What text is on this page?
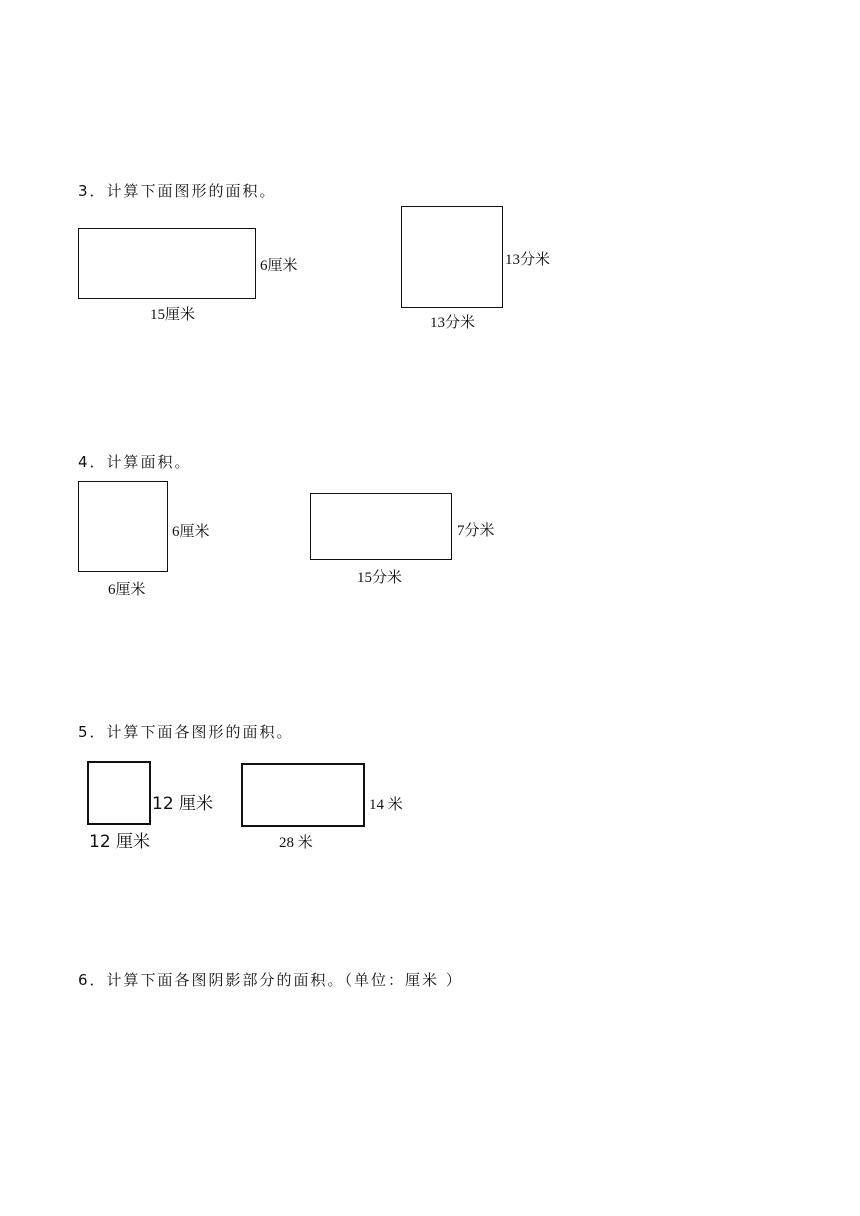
3．计算下面图形的面积。
6厘米
15厘米
13分米
13分米
4．计算面积。
6厘米
6厘米
7分米
15分米
5．计算下面各图形的面积。
12 厘米
12 厘米
14 米
28 米
6．计算下面各图阴影部分的面积。（单位：厘米 ）
